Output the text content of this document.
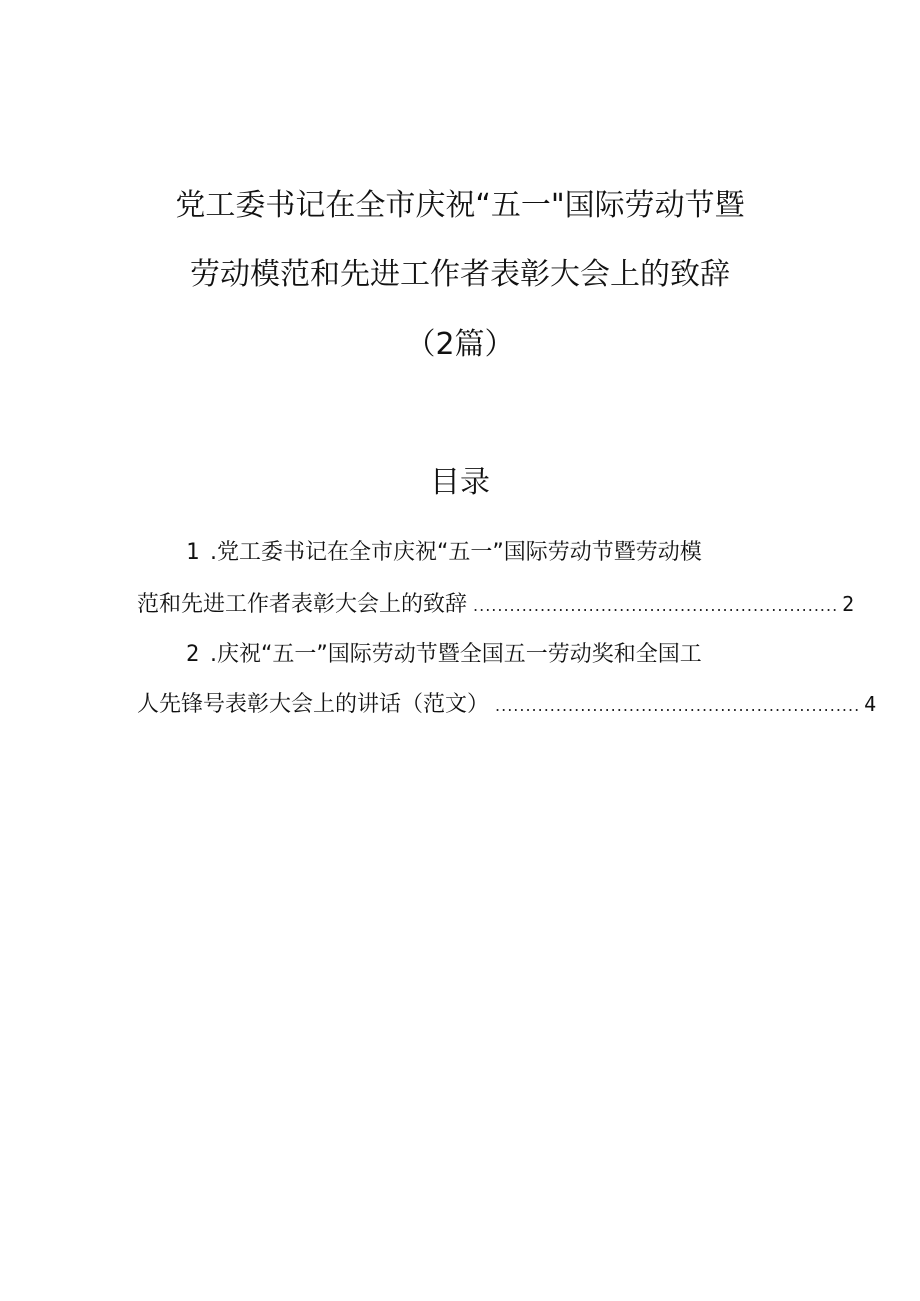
党工委书记在全市庆祝“五一"国际劳动节暨
劳动模范和先进工作者表彰大会上的致辞
（2篇）
目录
1 .党工委书记在全市庆祝“五一”国际劳动节暨劳动模
范和先进工作者表彰大会上的致辞 ............................................................ 2
2 .庆祝“五一”国际劳动节暨全国五一劳动奖和全国工
人先锋号表彰大会上的讲话（范文） ............................................................ 4
